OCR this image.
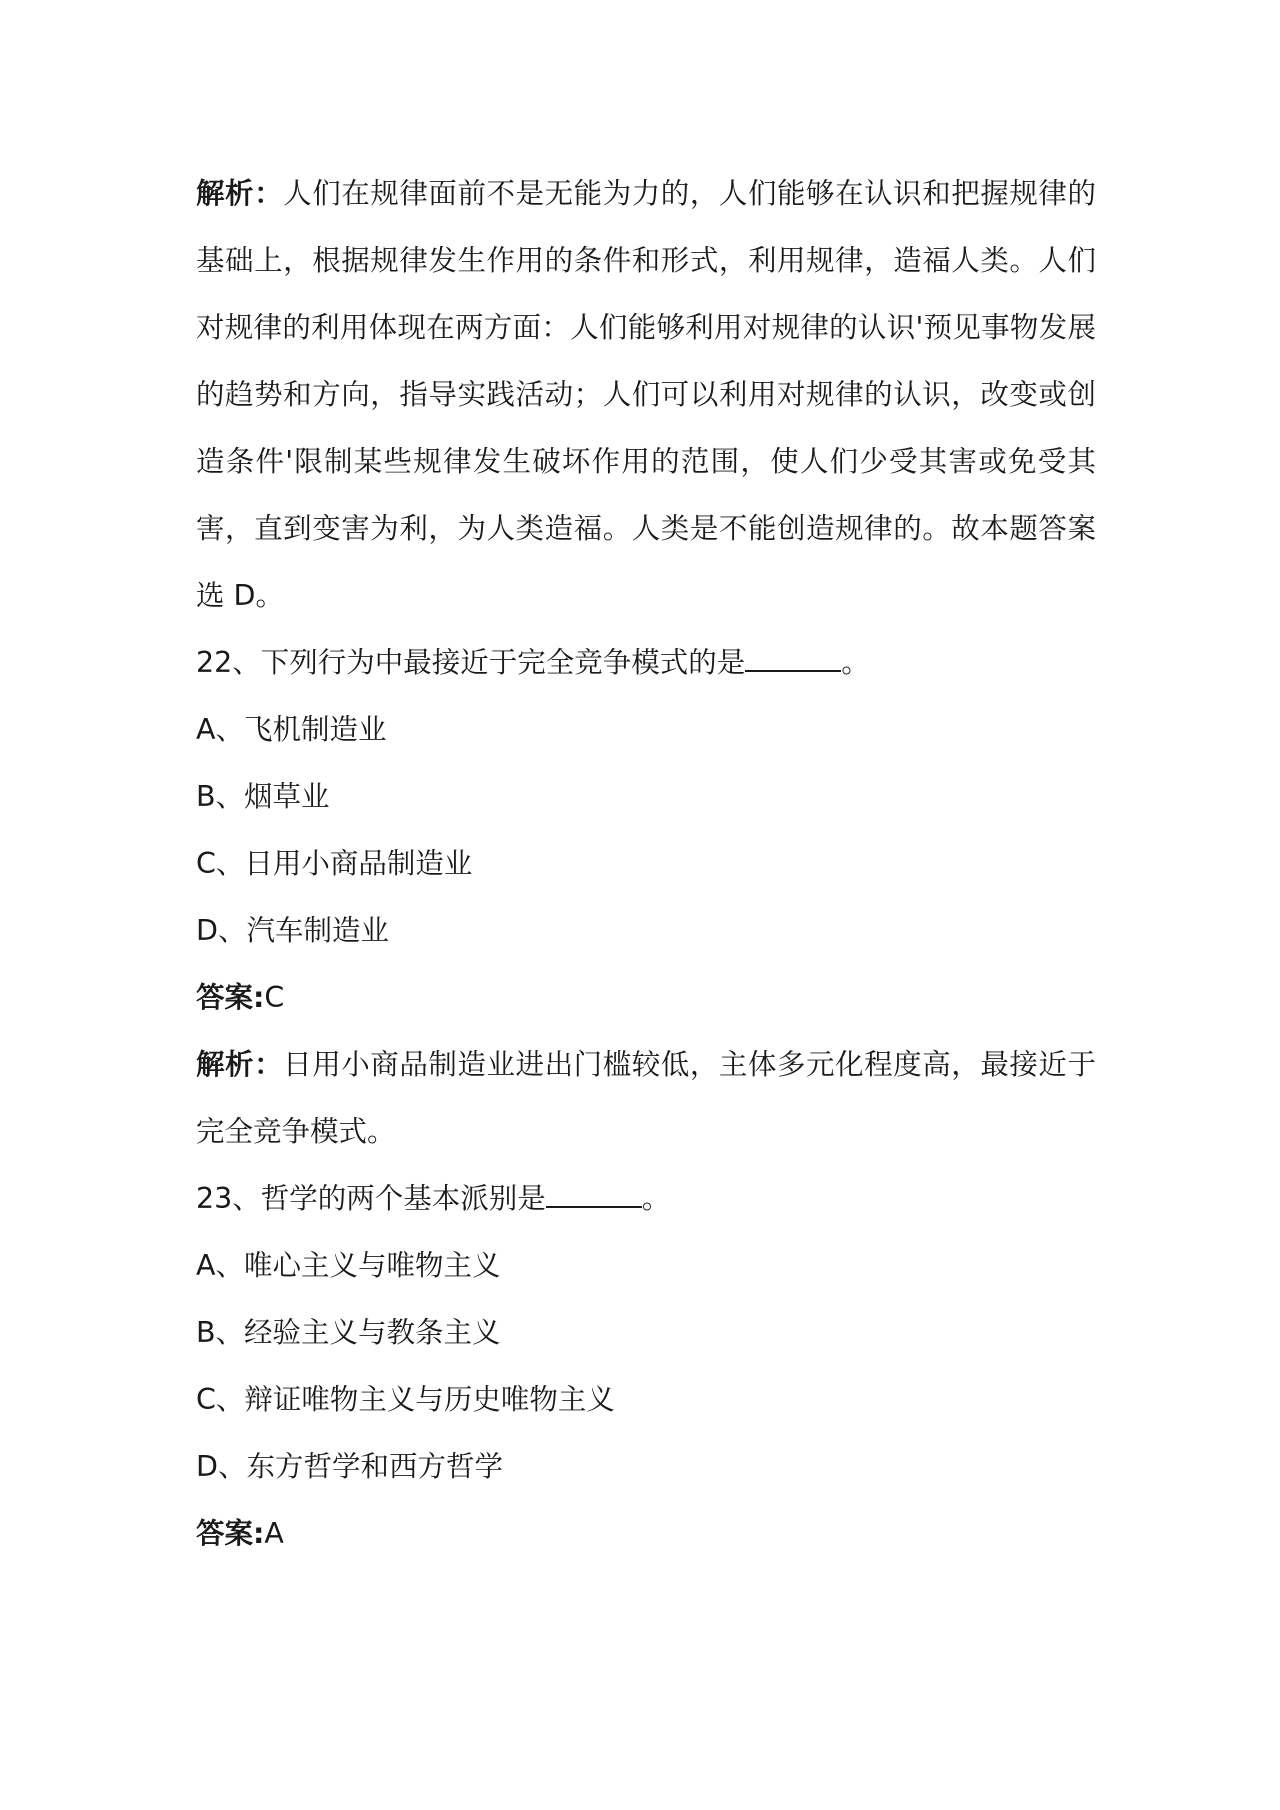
解析：人们在规律面前不是无能为力的，人们能够在认识和把握规律的基础上，根据规律发生作用的条件和形式，利用规律，造福人类。人们对规律的利用体现在两方面：人们能够利用对规律的认识'预见事物发展的趋势和方向，指导实践活动；人们可以利用对规律的认识，改变或创造条件'限制某些规律发生破坏作用的范围，使人们少受其害或免受其害，直到变害为利，为人类造福。人类是不能创造规律的。故本题答案选 D。

22、下列行为中最接近于完全竞争模式的是	。

A、飞机制造业

B、烟草业

C、日用小商品制造业

D、汽车制造业

答案:C

解析：日用小商品制造业进出门槛较低，主体多元化程度高，最接近于完全竞争模式。

23、哲学的两个基本派别是	。

A、唯心主义与唯物主义

B、经验主义与教条主义

C、辩证唯物主义与历史唯物主义

D、东方哲学和西方哲学

答案:A
